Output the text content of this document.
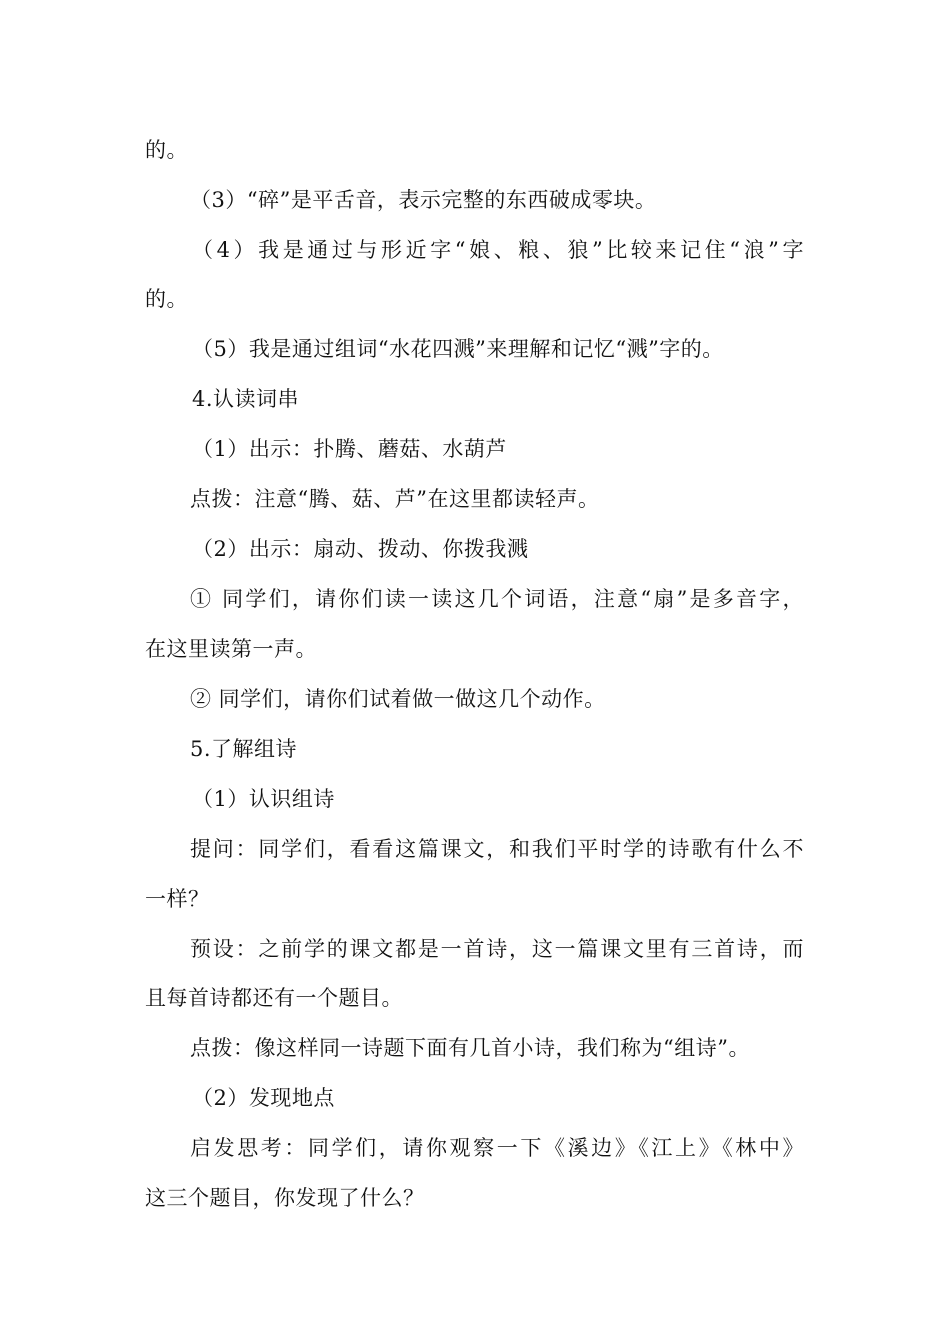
的。
（3）“碎”是平舌音，表示完整的东西破成零块。
（4）我是通过与形近字“娘、粮、狼”比较来记住“浪”字
的。
（5）我是通过组词“水花四溅”来理解和记忆“溅”字的。
4.认读词串
（1）出示：扑腾、蘑菇、水葫芦
点拨：注意“腾、菇、芦”在这里都读轻声。
（2）出示：扇动、拨动、你拨我溅
① 同学们，请你们读一读这几个词语，注意“扇”是多音字，
在这里读第一声。
② 同学们，请你们试着做一做这几个动作。
5.了解组诗
（1）认识组诗
提问：同学们，看看这篇课文，和我们平时学的诗歌有什么不
一样？
预设：之前学的课文都是一首诗，这一篇课文里有三首诗，而
且每首诗都还有一个题目。
点拨：像这样同一诗题下面有几首小诗，我们称为“组诗”。
（2）发现地点
启发思考：同学们，请你观察一下《溪边》《江上》《林中》
这三个题目，你发现了什么？
